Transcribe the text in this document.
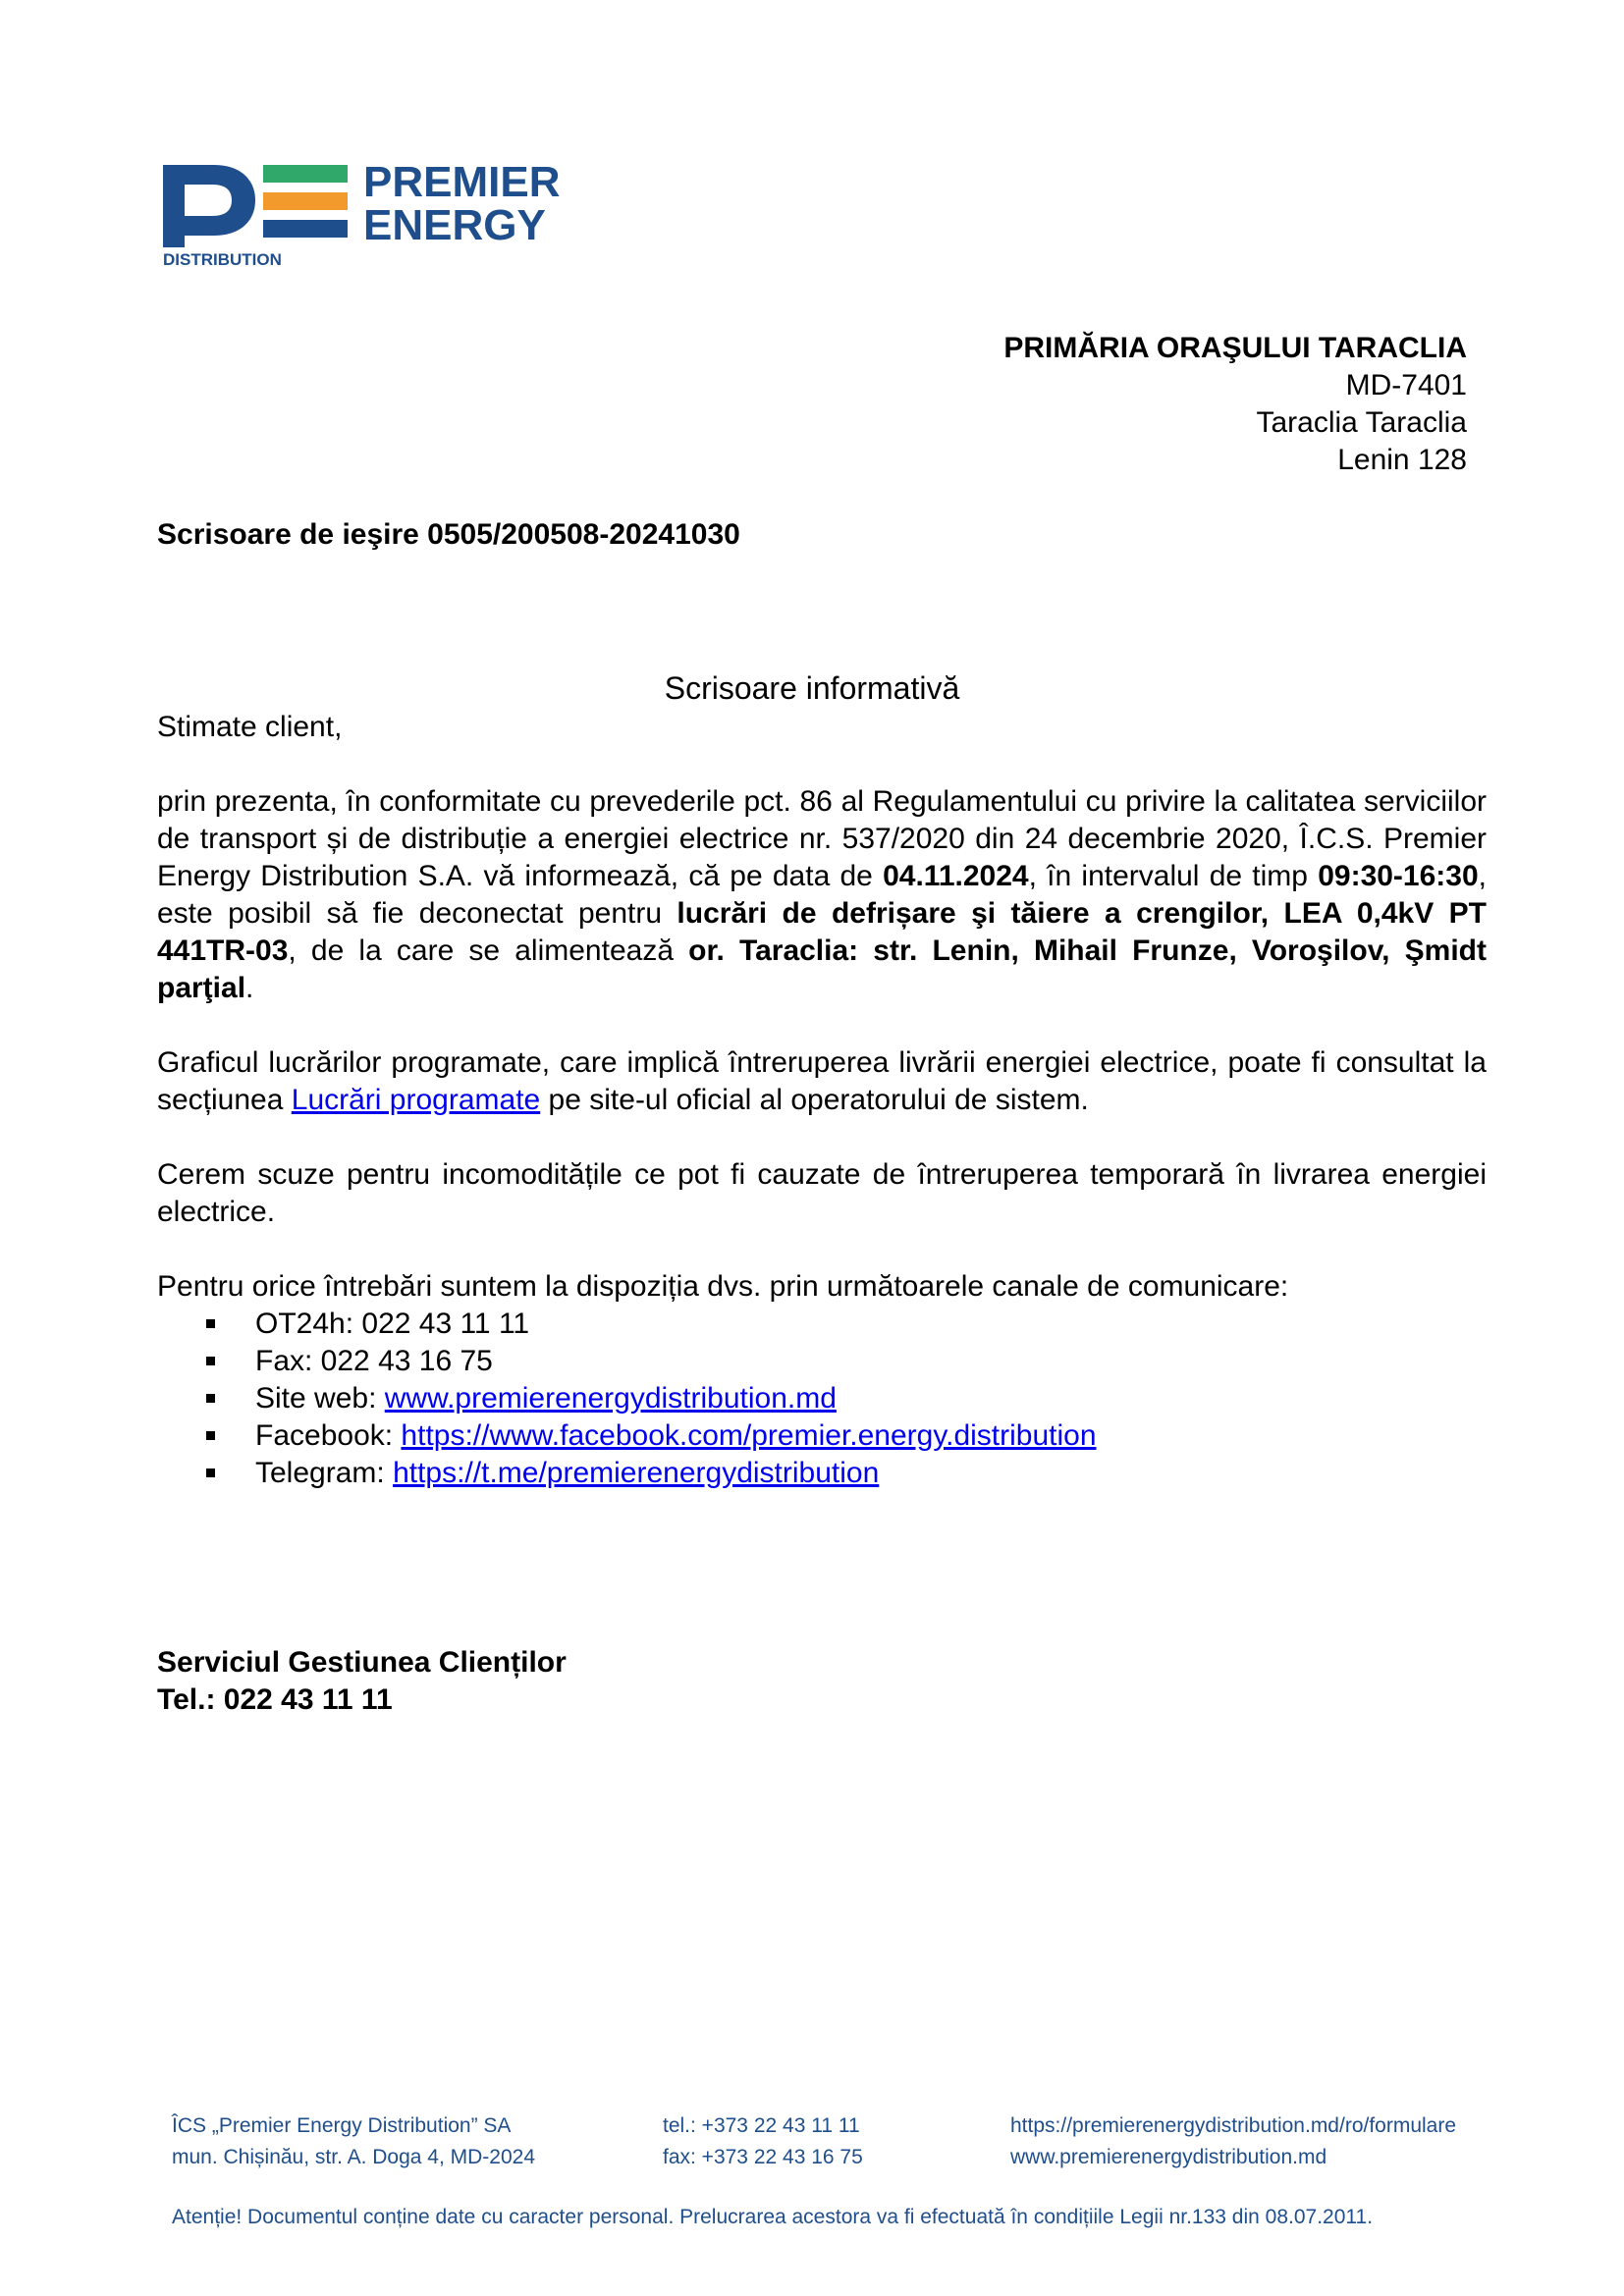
PREMIER
ENERGY
DISTRIBUTION
PRIMĂRIA ORAŞULUI TARACLIA
MD-7401
Taraclia Taraclia
Lenin 128
Scrisoare de ieşire 0505/200508-20241030
Scrisoare informativă

Stimate client,

prin prezenta, în conformitate cu prevederile pct. 86 al Regulamentului cu privire la calitatea serviciilor de transport și de distribuție a energiei electrice nr. 537/2020 din 24 decembrie 2020, Î.C.S. Premier Energy Distribution S.A. vă informează, că pe data de 04.11.2024, în intervalul de timp 09:30-16:30, este posibil să fie deconectat pentru lucrări de defrișare şi tăiere a crengilor, LEA 0,4kV PT 441TR-03, de la care se alimentează or. Taraclia: str. Lenin, Mihail Frunze, Voroşilov, Şmidt parţial.

Graficul lucrărilor programate, care implică întreruperea livrării energiei electrice, poate fi consultat la secțiunea Lucrări programate pe site-ul oficial al operatorului de sistem.

Cerem scuze pentru incomoditățile ce pot fi cauzate de întreruperea temporară în livrarea energiei electrice.

Pentru orice întrebări suntem la dispoziția dvs. prin următoarele canale de comunicare:

OT24h: 022 43 11 11
Fax: 022 43 16 75
Site web: www.premierenergydistribution.md
Facebook: https://www.facebook.com/premier.energy.distribution
Telegram: https://t.me/premierenergydistribution
Serviciul Gestiunea Clienților
Tel.: 022 43 11 11
ÎCS „Premier Energy Distribution” SA
mun. Chișinău, str. A. Doga 4, MD-2024
tel.: +373 22 43 11 11
fax: +373 22 43 16 75
https://premierenergydistribution.md/ro/formulare
www.premierenergydistribution.md
Atenție! Documentul conține date cu caracter personal. Prelucrarea acestora va fi efectuată în condițiile Legii nr.133 din 08.07.2011.
